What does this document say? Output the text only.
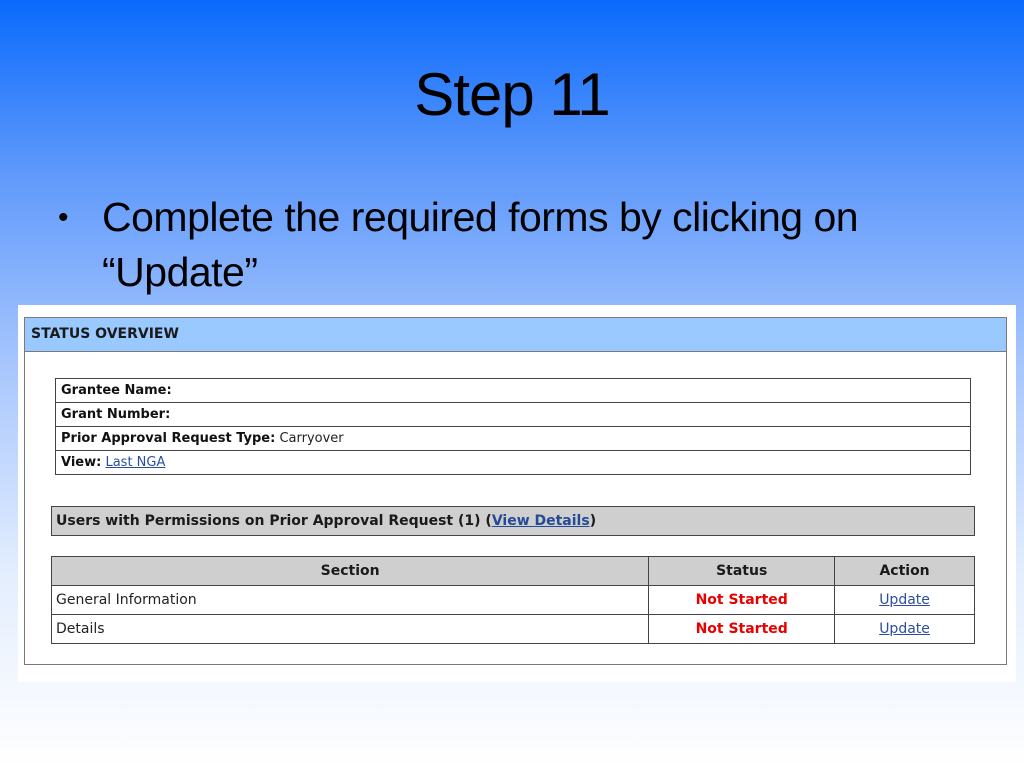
Step 11
• Complete the required forms by clicking on “Update”
STATUS OVERVIEW
Grantee Name:
Grant Number:
Prior Approval Request Type: Carryover
View: Last NGA
Users with Permissions on Prior Approval Request (1) (View Details)
Section	Status	Action
General Information	Not Started	Update
Details	Not Started	Update
